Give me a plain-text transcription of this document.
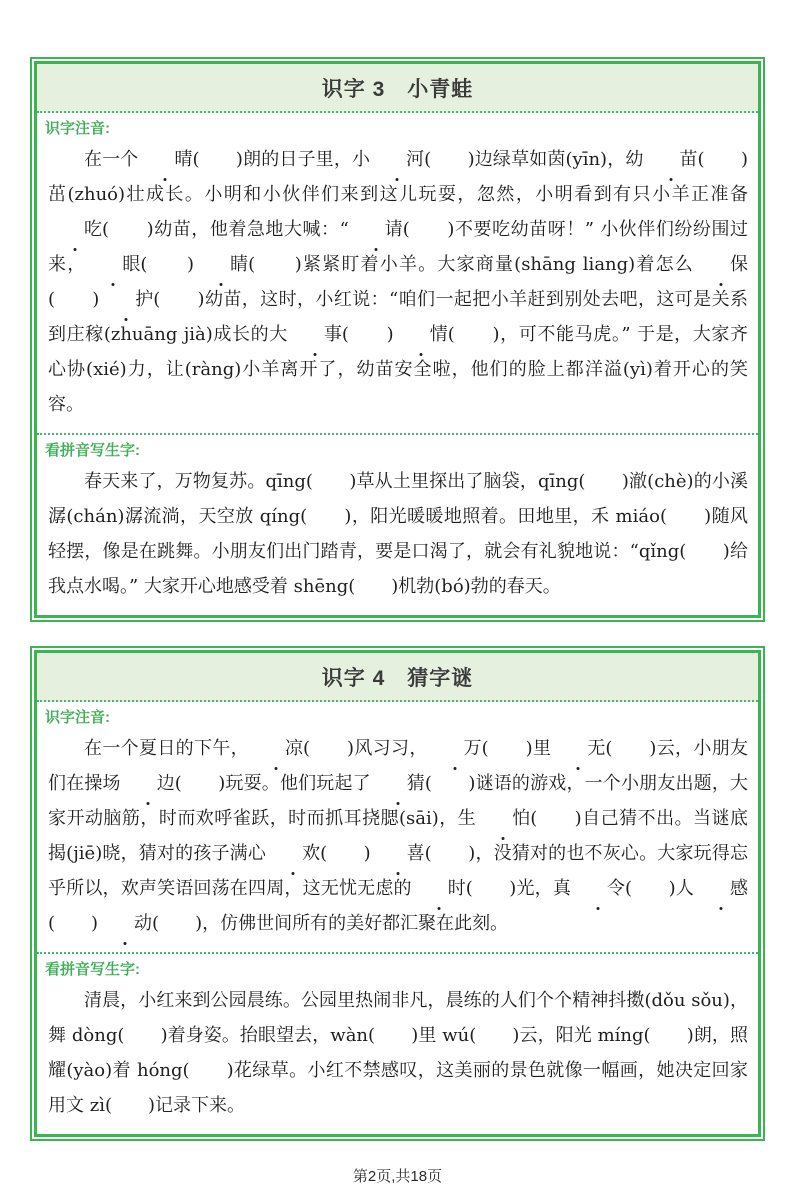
识字 3　小青蛙
识字注音:

在一个 晴(　　)朗的日子里，小 河(　　)边绿草如茵(yīn)，幼 苗(　　)茁(zhuó)壮成长。小明和小伙伴们来到这儿玩耍，忽然，小明看到有只小羊正准备吃(　　)幼苗，他着急地大喊：“ 请(　　)不要吃幼苗呀！” 小伙伴们纷纷围过来， 眼(　　) 睛(　　)紧紧盯着小羊。大家商量(shāng liang)着怎么 保(　　) 护(　　)幼苗，这时，小红说：“咱们一起把小羊赶到别处去吧，这可是关系到庄稼(zhuāng jià)成长的大 事(　　) 情(　　)，可不能马虎。” 于是，大家齐心协(xié)力，让(ràng)小羊离开了，幼苗安全啦，他们的脸上都洋溢(yì)着开心的笑容。

看拼音写生字:

春天来了，万物复苏。qīng(　　)草从土里探出了脑袋，qīng(　　)澈(chè)的小溪潺(chán)潺流淌，天空放 qíng(　　)，阳光暖暖地照着。田地里，禾 miáo(　　)随风轻摆，像是在跳舞。小朋友们出门踏青，要是口渴了，就会有礼貌地说：“qǐng(　　)给我点水喝。” 大家开心地感受着 shēng(　　)机勃(bó)勃的春天。

识字 4　猜字谜
识字注音:

在一个夏日的下午， 凉(　　)风习习， 万(　　)里 无(　　)云，小朋友们在操场 边(　　)玩耍。他们玩起了 猜(　　)谜语的游戏，一个小朋友出题，大家开动脑筋，时而欢呼雀跃，时而抓耳挠腮(sāi)，生 怕(　　)自己猜不出。当谜底揭(jiē)晓，猜对的孩子满心 欢(　　) 喜(　　)，没猜对的也不灰心。大家玩得忘乎所以，欢声笑语回荡在四周，这无忧无虑的 时(　　)光，真 令(　　)人 感(　　) 动(　　)，仿佛世间所有的美好都汇聚在此刻。

看拼音写生字:

清晨，小红来到公园晨练。公园里热闹非凡，晨练的人们个个精神抖擞(dǒu sǒu)，舞 dòng(　　)着身姿。抬眼望去，wàn(　　)里 wú(　　)云，阳光 míng(　　)朗，照耀(yào)着 hóng(　　)花绿草。小红不禁感叹，这美丽的景色就像一幅画，她决定回家用文 zì(　　)记录下来。

第2页,共18页
